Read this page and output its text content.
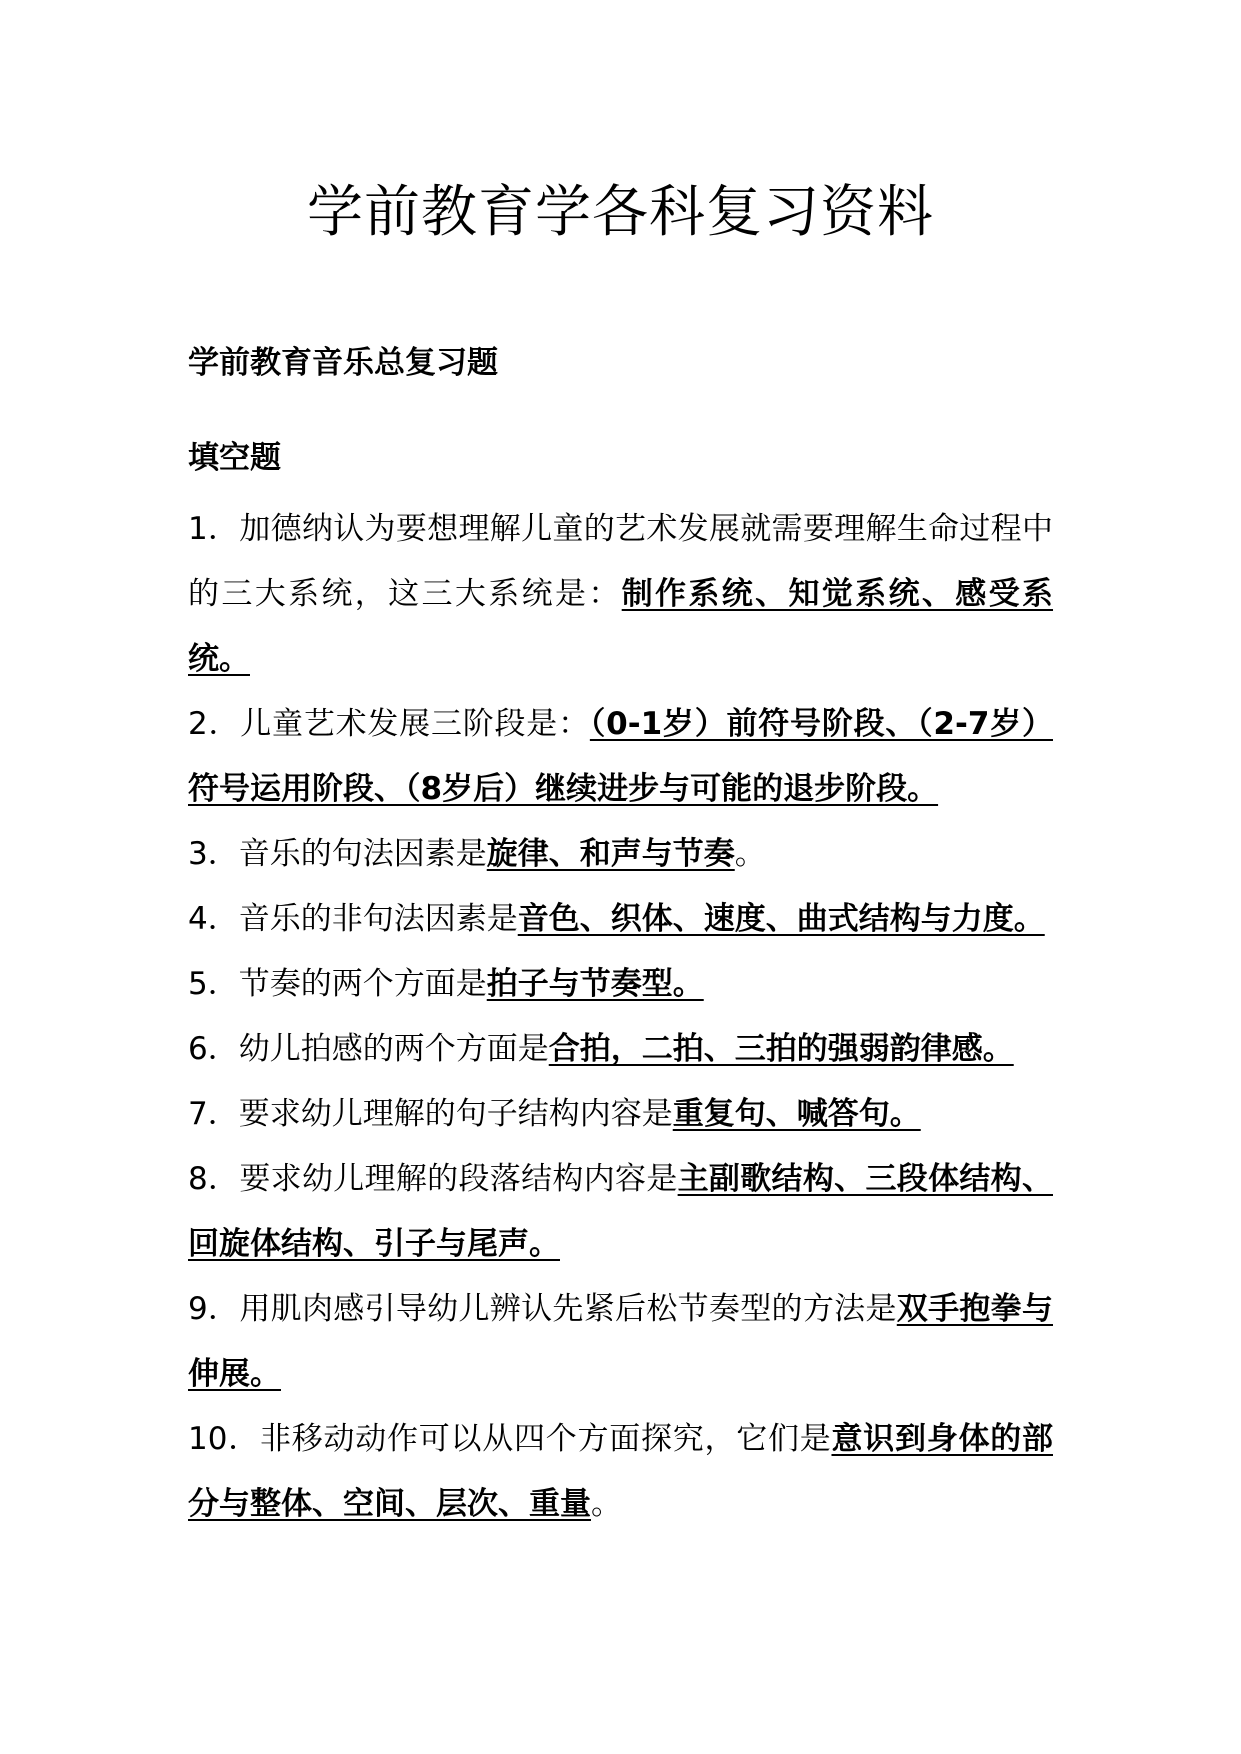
学前教育学各科复习资料
学前教育音乐总复习题
填空题
1．加德纳认为要想理解儿童的艺术发展就需要理解生命过程中的三大系统，这三大系统是：制作系统、知觉系统、感受系统。
2．儿童艺术发展三阶段是：（0-1岁）前符号阶段、（2-7岁）符号运用阶段、（8岁后）继续进步与可能的退步阶段。
3．音乐的句法因素是旋律、和声与节奏。
4．音乐的非句法因素是音色、织体、速度、曲式结构与力度。
5．节奏的两个方面是拍子与节奏型。
6．幼儿拍感的两个方面是合拍，二拍、三拍的强弱韵律感。
7．要求幼儿理解的句子结构内容是重复句、喊答句。
8．要求幼儿理解的段落结构内容是主副歌结构、三段体结构、回旋体结构、引子与尾声。
9．用肌肉感引导幼儿辨认先紧后松节奏型的方法是双手抱拳与伸展。
10．非移动动作可以从四个方面探究，它们是意识到身体的部分与整体、空间、层次、重量。
